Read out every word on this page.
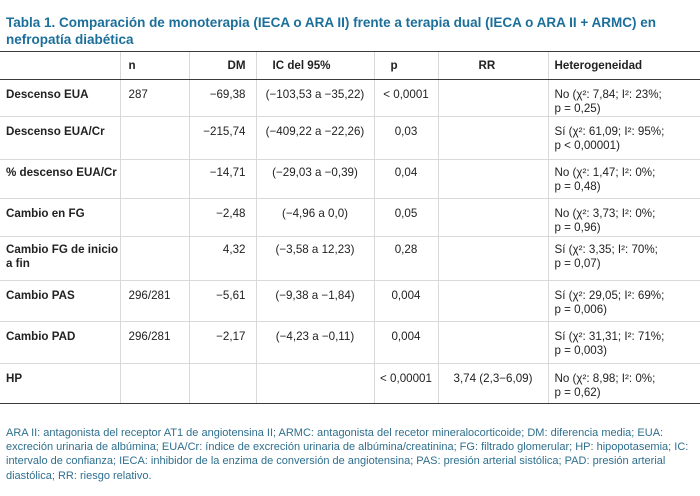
Tabla 1. Comparación de monoterapia (IECA o ARA II) frente a terapia dual (IECA o ARA II + ARMC) en nefropatía diabética
	n	DM	IC del 95%	p	RR	Heterogeneidad
Descenso EUA	287	−69,38	(−103,53 a −35,22)	< 0,0001		No (χ²: 7,84; I²: 23%;
p = 0,25)

Descenso EUA/Cr		−215,74	(−409,22 a −22,26)	0,03		Sí (χ²: 61,09; I²: 95%;
p < 0,00001)

% descenso EUA/Cr		−14,71	(−29,03 a −0,39)	0,04		No (χ²: 1,47; I²: 0%;
p = 0,48)

Cambio en FG		−2,48	(−4,96 a 0,0)	0,05		No (χ²: 3,73; I²: 0%;
p = 0,96)

Cambio FG de inicio a fin		4,32	(−3,58 a 12,23)	0,28		Sí (χ²: 3,35; I²: 70%;
p = 0,07)

Cambio PAS	296/281	−5,61	(−9,38 a −1,84)	0,004		Sí (χ²: 29,05; I²: 69%;
p = 0,006)

Cambio PAD	296/281	−2,17	(−4,23 a −0,11)	0,004		Sí (χ²: 31,31; I²: 71%;
p = 0,003)

HP				< 0,00001	3,74 (2,3−6,09)	No (χ²: 8,98; I²: 0%;
p = 0,62)
ARA II: antagonista del receptor AT1 de angiotensina II; ARMC: antagonista del recetor mineralocorticoide; DM: diferencia media; EUA: excreción urinaria de albúmina; EUA/Cr: índice de excreción urinaria de albúmina/creatinina; FG: filtrado glomerular; HP: hipopotasemia; IC: intervalo de confianza; IECA: inhibidor de la enzima de conversión de angiotensina; PAS: presión arterial sistólica; PAD: presión arterial diastólica; RR: riesgo relativo.
